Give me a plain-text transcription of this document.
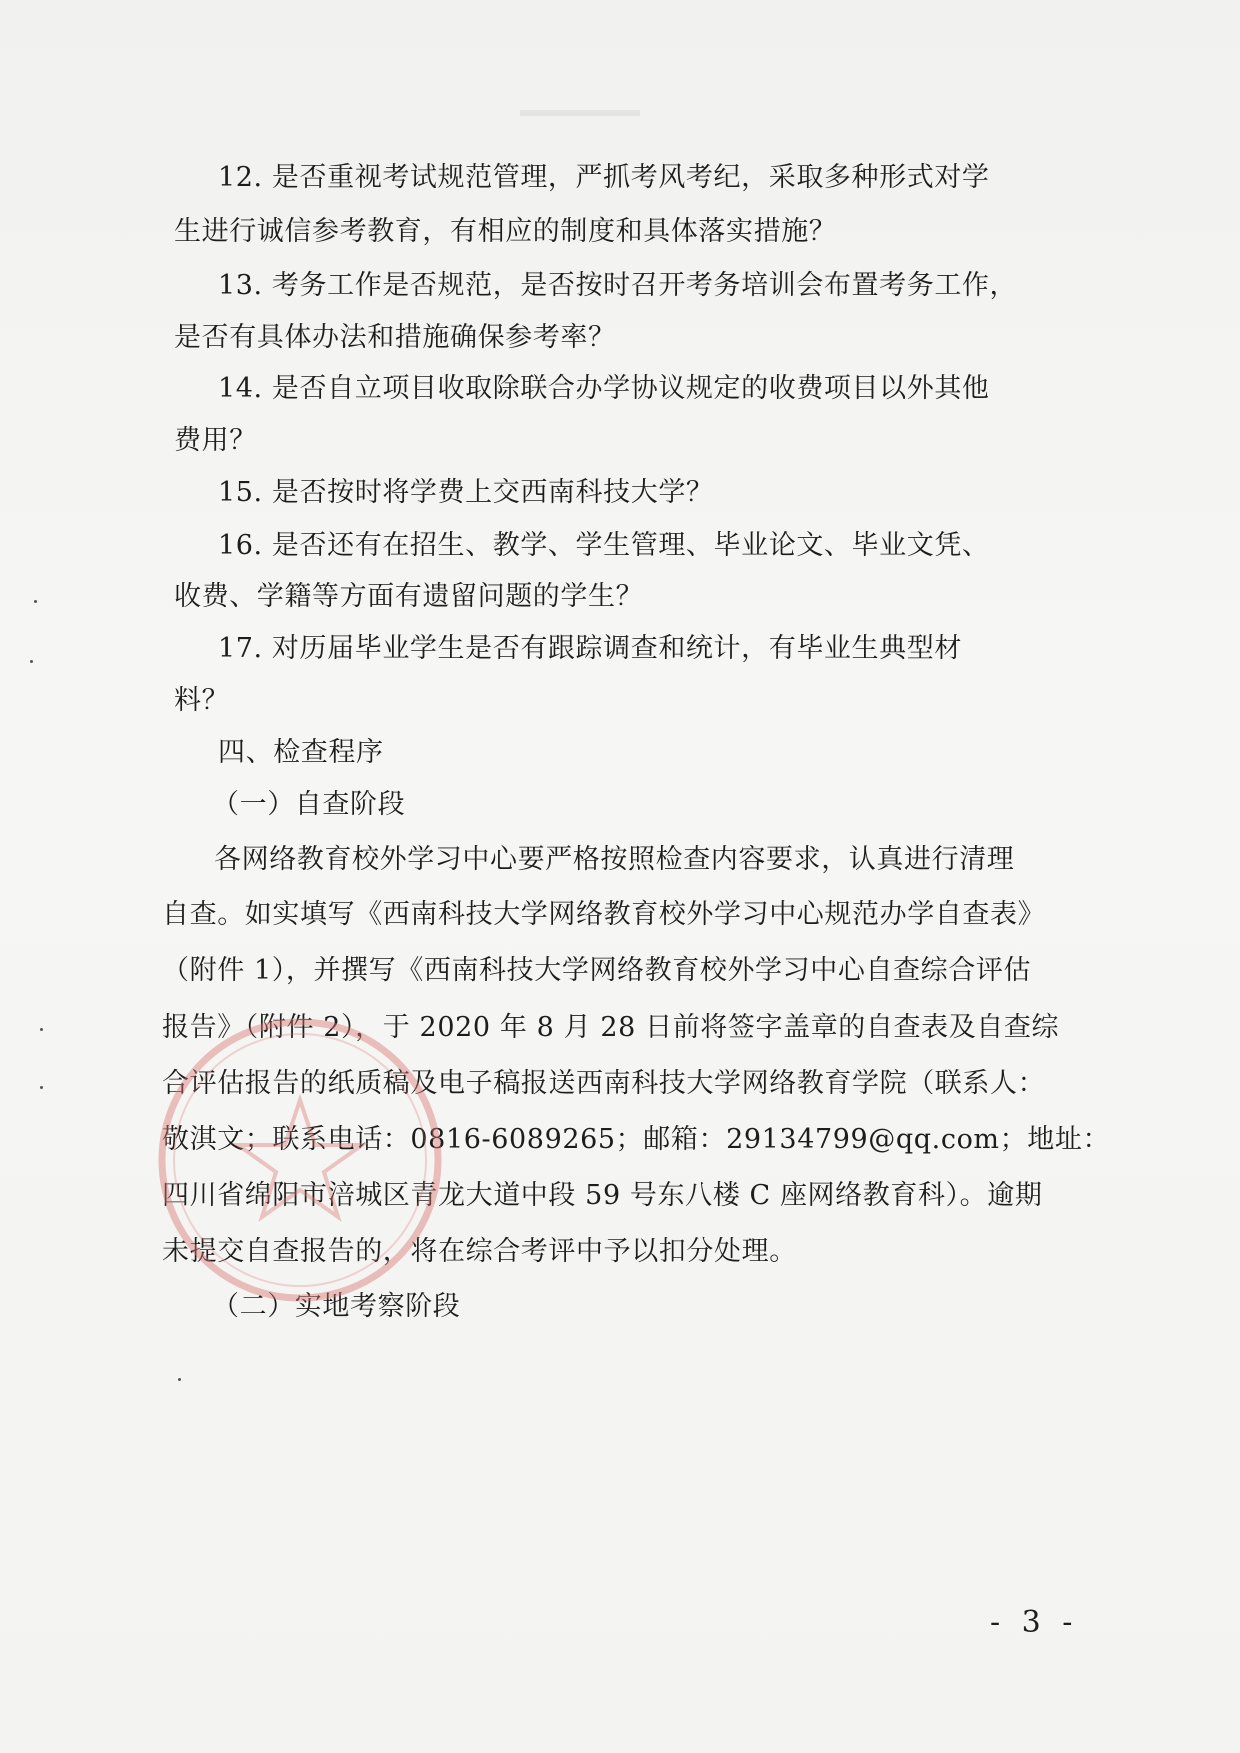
12. 是否重视考试规范管理，严抓考风考纪，采取多种形式对学
生进行诚信参考教育，有相应的制度和具体落实措施？
13. 考务工作是否规范，是否按时召开考务培训会布置考务工作，
是否有具体办法和措施确保参考率？
14. 是否自立项目收取除联合办学协议规定的收费项目以外其他
费用？
15. 是否按时将学费上交西南科技大学？
16. 是否还有在招生、教学、学生管理、毕业论文、毕业文凭、
收费、学籍等方面有遗留问题的学生？
17. 对历届毕业学生是否有跟踪调查和统计，有毕业生典型材
料？
四、检查程序
（一）自查阶段
各网络教育校外学习中心要严格按照检查内容要求，认真进行清理
自查。如实填写《西南科技大学网络教育校外学习中心规范办学自查表》
（附件 1），并撰写《西南科技大学网络教育校外学习中心自查综合评估
报告》（附件 2），于 2020 年 8 月 28 日前将签字盖章的自查表及自查综
合评估报告的纸质稿及电子稿报送西南科技大学网络教育学院（联系人：
敬淇文；联系电话：0816-6089265；邮箱：29134799@qq.com；地址：
四川省绵阳市涪城区青龙大道中段 59 号东八楼 C 座网络教育科）。逾期
未提交自查报告的，将在综合考评中予以扣分处理。
（二）实地考察阶段
- 3 -
